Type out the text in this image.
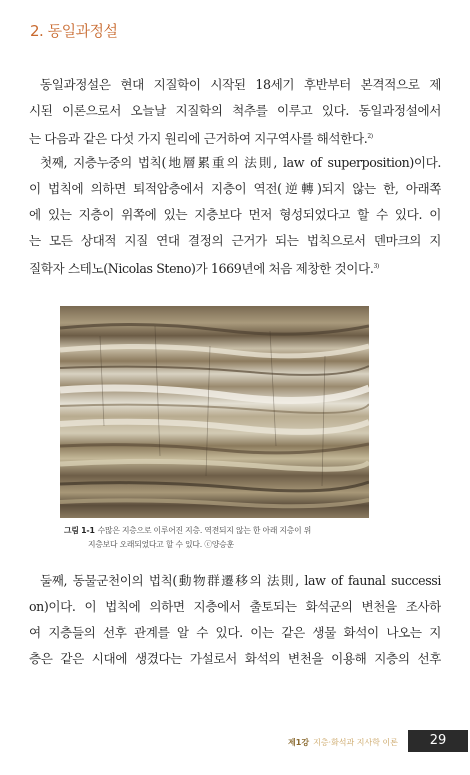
2. 동일과정설
동일과정설은 현대 지질학이 시작된 18세기 후반부터 본격적으로 제
시된 이론으로서 오늘날 지질학의 척추를 이루고 있다. 동일과정설에서
는 다음과 같은 다섯 가지 원리에 근거하여 지구역사를 해석한다.$^{2)}$
첫째, 지층누중의 법칙(地層累重의 法則, law of superposition)이다.
이 법칙에 의하면 퇴적암층에서 지층이 역전(逆轉)되지 않는 한, 아래쪽
에 있는 지층이 위쪽에 있는 지층보다 먼저 형성되었다고 할 수 있다. 이
는 모든 상대적 지질 연대 결정의 근거가 되는 법칙으로서 덴마크의 지
질학자 스테노(Nicolas Steno)가 1669년에 처음 제창한 것이다.$^{3)}$
그림 1-1 수많은 지층으로 이루어진 지층. 역전되지 않는 한 아래 지층이 위
지층보다 오래되었다고 할 수 있다. ⓒ양승훈
둘째, 동물군천이의 법칙(動物群遷移의 法則, law of faunal successi
on)이다. 이 법칙에 의하면 지층에서 출토되는 화석군의 변천을 조사하
여 지층들의 선후 관계를 알 수 있다. 이는 같은 생물 화석이 나오는 지
층은 같은 시대에 생겼다는 가설로서 화석의 변천을 이용해 지층의 선후
제1강 지층·화석과 지사학 이론	29
